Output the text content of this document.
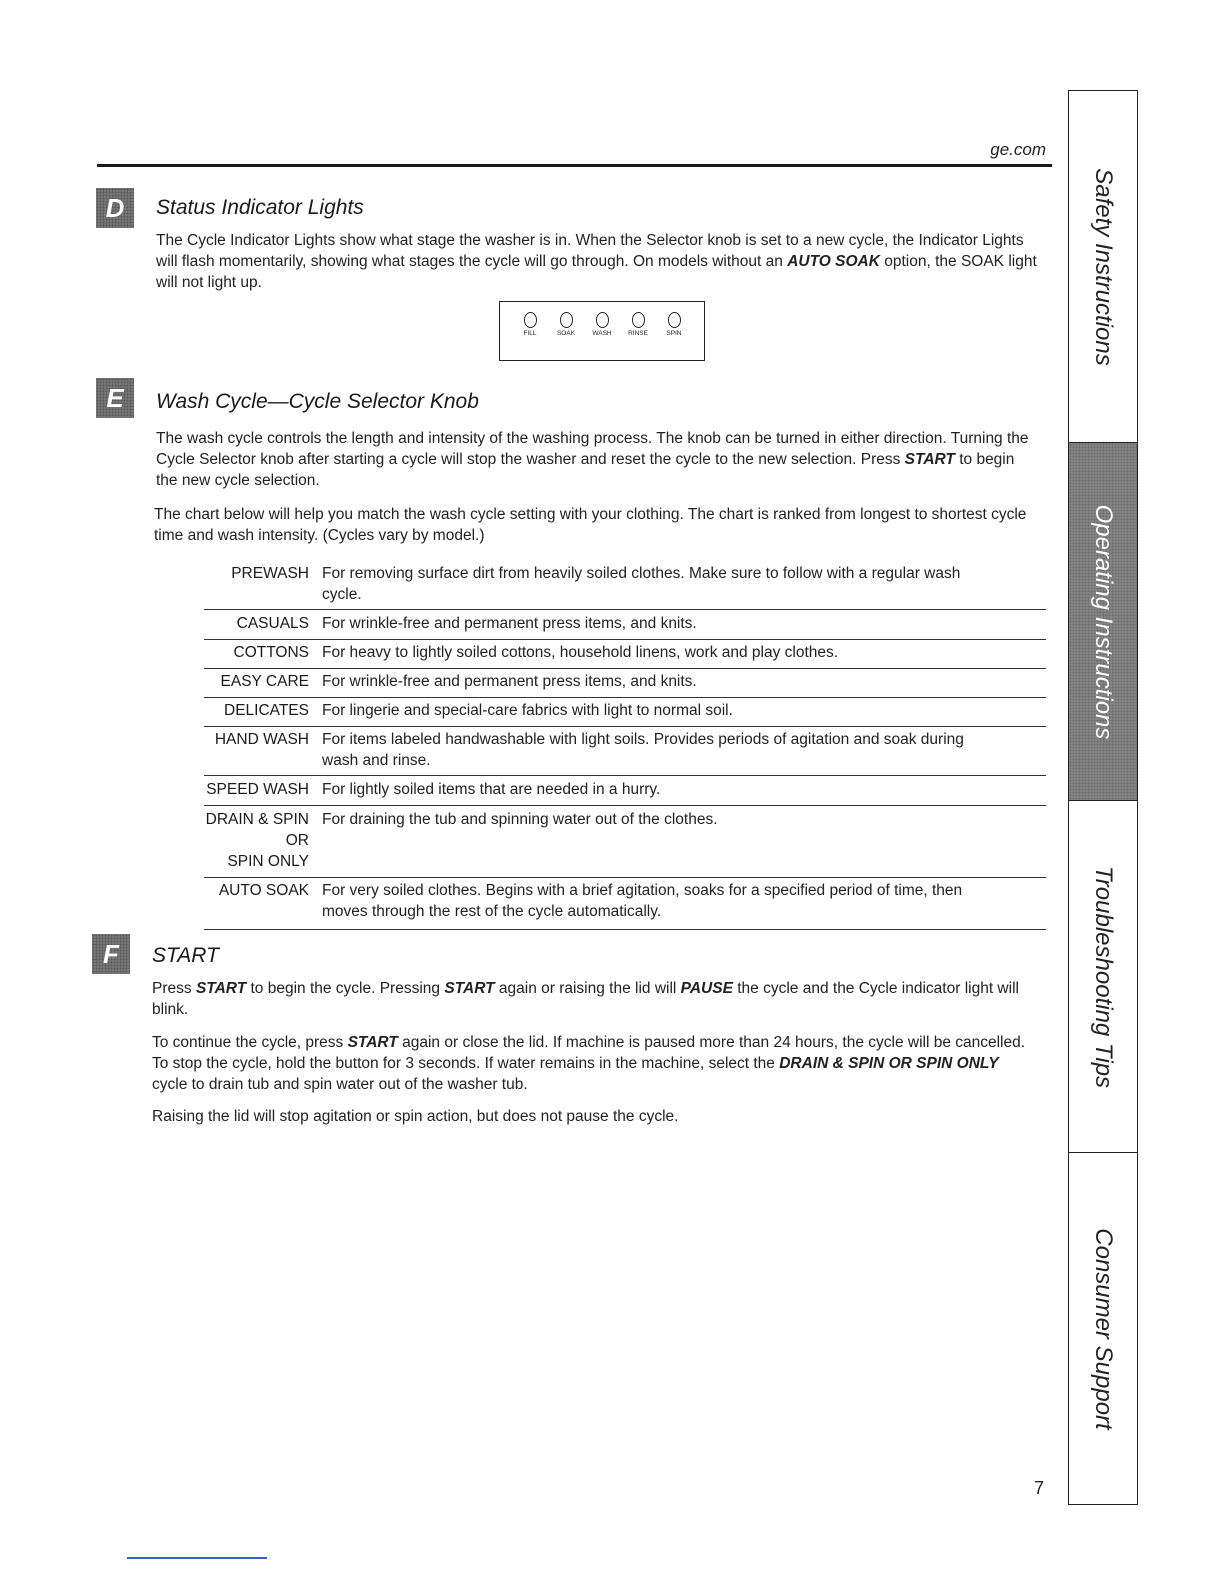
ge.com
Safety Instructions
Operating Instructions
Troubleshooting Tips
Consumer Support
D	Status Indicator Lights
The Cycle Indicator Lights show what stage the washer is in. When the Selector knob is set to a new cycle, the Indicator Lights will flash momentarily, showing what stages the cycle will go through. On models without an AUTO SOAK option, the SOAK light will not light up.
FILL	SOAK	WASH	RINSE	SPIN
E	Wash Cycle—Cycle Selector Knob
The wash cycle controls the length and intensity of the washing process. The knob can be turned in either direction. Turning the Cycle Selector knob after starting a cycle will stop the washer and reset the cycle to the new selection. Press START to begin the new cycle selection.
The chart below will help you match the wash cycle setting with your clothing. The chart is ranked from longest to shortest cycle time and wash intensity. (Cycles vary by model.)
PREWASH For removing surface dirt from heavily soiled clothes. Make sure to follow with a regular wash cycle.
CASUALS For wrinkle-free and permanent press items, and knits.
COTTONS For heavy to lightly soiled cottons, household linens, work and play clothes.
EASY CARE For wrinkle-free and permanent press items, and knits.
DELICATES For lingerie and special-care fabrics with light to normal soil.
HAND WASH For items labeled handwashable with light soils. Provides periods of agitation and soak during wash and rinse.
SPEED WASH For lightly soiled items that are needed in a hurry.
DRAIN & SPIN
OR
SPIN ONLY
For draining the tub and spinning water out of the clothes.
AUTO SOAK For very soiled clothes. Begins with a brief agitation, soaks for a specified period of time, then moves through the rest of the cycle automatically.
F	START
Press START to begin the cycle. Pressing START again or raising the lid will PAUSE the cycle and the Cycle indicator light will blink.
To continue the cycle, press START again or close the lid. If machine is paused more than 24 hours, the cycle will be cancelled. To stop the cycle, hold the button for 3 seconds. If water remains in the machine, select the DRAIN & SPIN OR SPIN ONLY cycle to drain tub and spin water out of the washer tub.
Raising the lid will stop agitation or spin action, but does not pause the cycle.
7
